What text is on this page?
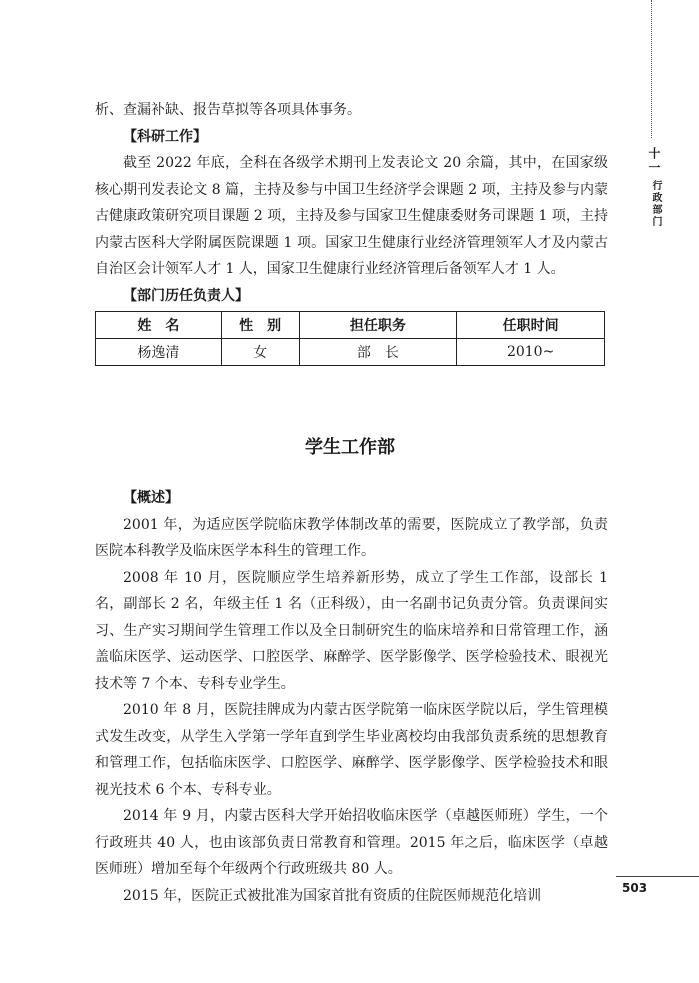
十一
行政部门

析、查漏补缺、报告草拟等各项具体事务。

【科研工作】

截至 2022 年底，全科在各级学术期刊上发表论文 20 余篇，其中，在国家级核心期刊发表论文 8 篇，主持及参与中国卫生经济学会课题 2 项，主持及参与内蒙古健康政策研究项目课题 2 项，主持及参与国家卫生健康委财务司课题 1 项，主持内蒙古医科大学附属医院课题 1 项。国家卫生健康行业经济管理领军人才及内蒙古自治区会计领军人才 1 人，国家卫生健康行业经济管理后备领军人才 1 人。

【部门历任负责人】

姓　名	性　别	担任职务	任职时间
杨逸清	女	部　长	2010~
学生工作部

【概述】

2001 年，为适应医学院临床教学体制改革的需要，医院成立了教学部，负责医院本科教学及临床医学本科生的管理工作。

2008 年 10 月，医院顺应学生培养新形势，成立了学生工作部，设部长 1 名，副部长 2 名，年级主任 1 名（正科级），由一名副书记负责分管。负责课间实习、生产实习期间学生管理工作以及全日制研究生的临床培养和日常管理工作，涵盖临床医学、运动医学、口腔医学、麻醉学、医学影像学、医学检验技术、眼视光技术等 7 个本、专科专业学生。

2010 年 8 月，医院挂牌成为内蒙古医学院第一临床医学院以后，学生管理模式发生改变，从学生入学第一学年直到学生毕业离校均由我部负责系统的思想教育和管理工作，包括临床医学、口腔医学、麻醉学、医学影像学、医学检验技术和眼视光技术 6 个本、专科专业。

2014 年 9 月，内蒙古医科大学开始招收临床医学（卓越医师班）学生，一个行政班共 40 人，也由该部负责日常教育和管理。2015 年之后，临床医学（卓越医师班）增加至每个年级两个行政班级共 80 人。

2015 年，医院正式被批准为国家首批有资质的住院医师规范化培训	503
